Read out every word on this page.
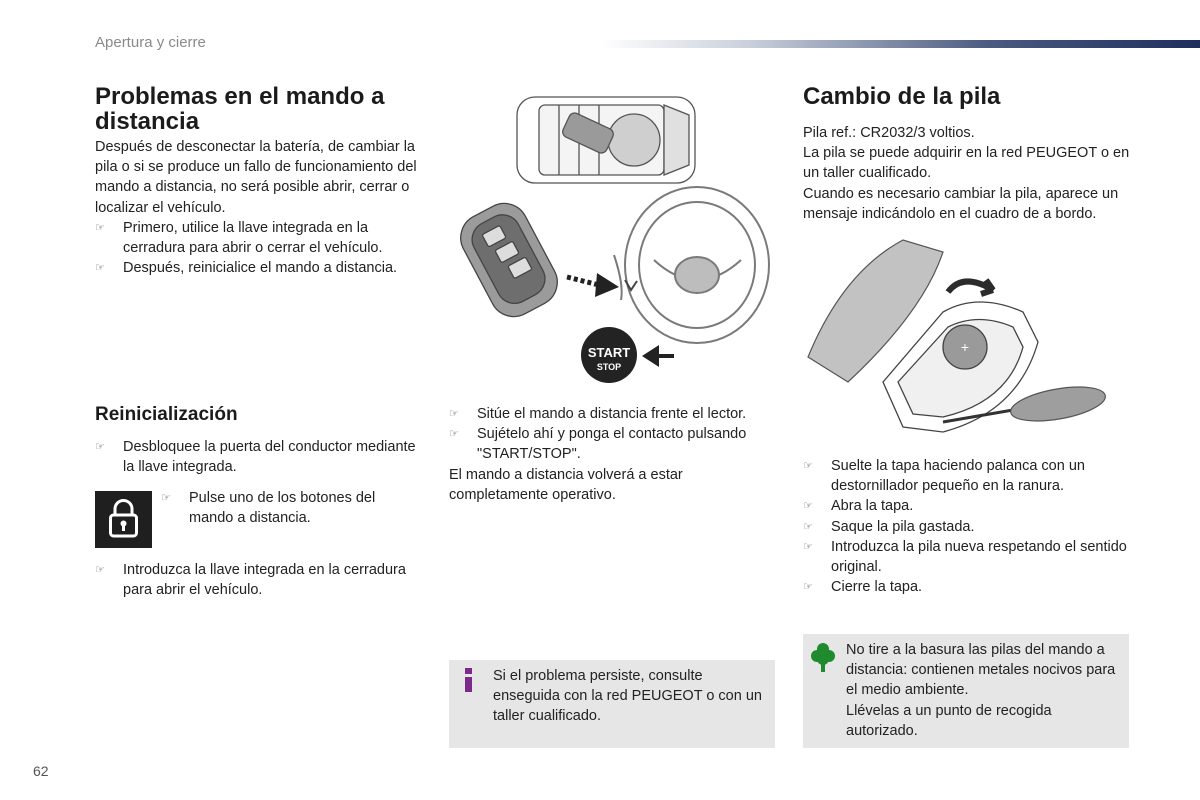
Apertura y cierre
Problemas en el mando a distancia

Después de desconectar la batería, de cambiar la pila o si se produce un fallo de funcionamiento del mando a distancia, no será posible abrir, cerrar o localizar el vehículo.

☞ Primero, utilice la llave integrada en la cerradura para abrir o cerrar el vehículo.
☞ Después, reinicialice el mando a distancia.
Reinicialización
☞ Desbloquee la puerta del conductor mediante la llave integrada.
☞ Pulse uno de los botones del mando a distancia.
☞ Introduzca la llave integrada en la cerradura para abrir el vehículo.
START
STOP
☞ Sitúe el mando a distancia frente el lector.
☞ Sujételo ahí y ponga el contacto pulsando "START/STOP".

El mando a distancia volverá a estar completamente operativo.

Si el problema persiste, consulte enseguida con la red PEUGEOT o con un taller cualificado.
Cambio de la pila

Pila ref.: CR2032/3 voltios.

La pila se puede adquirir en la red PEUGEOT o en un taller cualificado.

Cuando es necesario cambiar la pila, aparece un mensaje indicándolo en el cuadro de a bordo.

+
☞ Suelte la tapa haciendo palanca con un destornillador pequeño en la ranura.
☞ Abra la tapa.
☞ Saque la pila gastada.
☞ Introduzca la pila nueva respetando el sentido original.
☞ Cierre la tapa.

No tire a la basura las pilas del mando a distancia: contienen metales nocivos para el medio ambiente.

Llévelas a un punto de recogida autorizado.

62
